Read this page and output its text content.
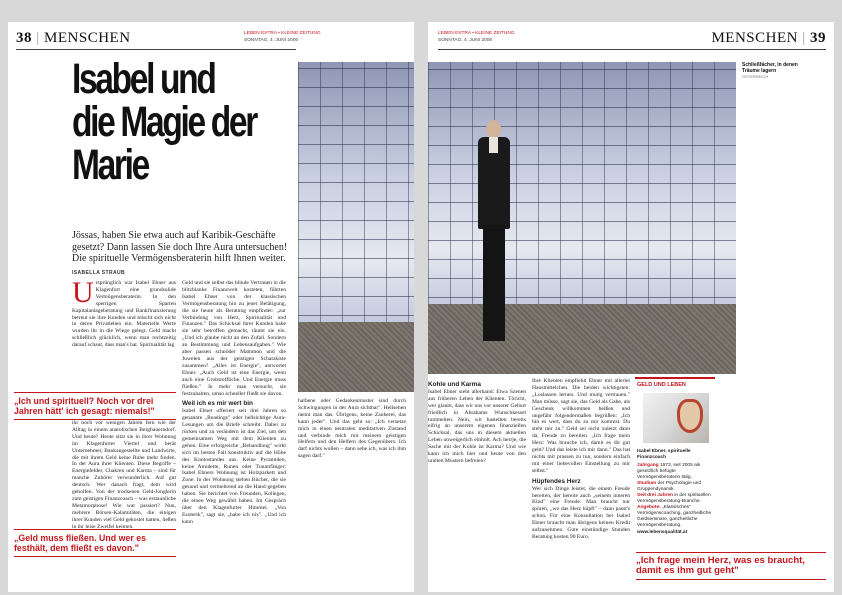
38 | MENSCHEN	LEBEN EXTRA • KLEINE ZEITUNG
SONNTAG, 4. JUNI 2006
Isabel und die Magie der Marie
Jössas, haben Sie etwa auch auf Karibik-Geschäfte gesetzt? Dann lassen Sie doch Ihre Aura untersuchen! Die spirituelle Vermögensberaterin hilft Ihnen weiter.
ISABELLA STRAUB
U rsprünglich war Isabel Ebner aus Klagenfurt eine grundsolide Vermögensberaterin. In den sperrigen Sparten Kapitalanlageberatung und Bankfinanzierung betreut sie ihre Kunden und mischt sich nicht in deren Privatleben ein. Materielle Werte wurden ihr in die Wiege gelegt. Geld macht schließlich glücklich, wenn man rechtzeitig darauf schaut, dass man's hat. Spiritualität lag
„Ich und spirituell? Noch vor drei Jahren hätt' ich gesagt: niemals!"
ihr noch vor wenigen Jahren fern wie der Alltag in einem anatolischen Bergbauerndorf. Und heute? Heute sitzt sie in ihrer Wohnung im Klagenfurter Viertel und berät Unternehmer, Bankangestellte und Landwirte, die mit ihrem Geld keine Ruhe mehr finden. In der Aura ihrer Klienten. Diese Begriffe – Energiefelder, Chakren und Karma – sind für manche Zuhörer verwunderlich. Auf gut deutsch: Wer danach fragt, dem wird geholfen. Von der trockenen Geld-Jonglerin zum geistigen Finanzcoach – was erstaunliche Metamorphose! Wie war passiert? Nun, mehrere Börsen-Kalamitäten, die einigen ihrer Kunden viel Geld gekostet hatten, ließen in ihr leise Zweifel keimen.
„Geld muss fließen. Und wer es festhält, dem fließt es davon."
Geld und sie selbst das blinde Vertrauen in die blitzblanke Finanzwelt kosteten, führten Isabel Ebner von der klassischen Vermögensberatung hin zu jener Betätigung, die sie heute als Beratung empfindet: „zur Verbindung von Herz, Spiritualität und Finanzen." Das Schicksal ihrer Kunden habe sie sehr betroffen gemacht, räumt sie ein. „Und ich glaube nicht an den Zufall. Sondern an Bestimmung und Lebensaufgaben." Wie aber passen schnöder Mammon und die Juwelen aus der geistigen Schatzkiste zusammen? „Alles ist Energie", antwortet Ebner. „Auch Geld ist eine Energie, wenn auch eine Grobstoffliche. Und Energie muss fließen." Je mehr man versucht, sie festzuhalten, umso schneller fließt sie davon.
Weil ich es mir wert bin
Isabel Ebner offeriert seit drei Jahren so genannte „Readings" oder hellsichtige Aura-Lesungen um die Briefe schreibt. Dabei zu rücken und zu verändern ist das Ziel, um den gemeinsamen Weg mit dem Klienten zu gehen. Eine erfolgreiche „Behandlung" wirkt sich im besten Fall konstruktiv auf die Höhe des Kontostandes aus. Keine Pyramiden, keine Amulette, Runen oder Traumfänger: Isabel Ebners Wohnung ist Holzparkett und Zone. In der Wohnung stehen Bücher, die sie gesund und vermehrend an die Hand gegeben haben. Sie berichtet von Freunden, Kollegen, die einen Weg gewählt haben. Im Gespräch über den Klagenfurter Himmel. „Von Esoterik", sagt sie, „habe ich nix". „Und ich kann
halbene oder Gedankenmuster sind durch Schwingungen in der Aura sichtbar". Hellsehen nennt man das. Übrigens, keine Zauberei, das kann jeder". Und das geht so: „Ich versetze mich in einen neutralen meditativen Zustand und verbinde mich mit meinem geistigen Helfern und den Helfern des Gegenübers. Ich darf nichts wollen – dann sehe ich, was ich ihm sagen darf."
LEBEN EXTRA • KLEINE ZEITUNG
SONNTAG, 4. JUNI 2006	MENSCHEN | 39
Schließfächer, in denen Träume lagern
ÖSTERREICH
Kohle und Karma
Isabel Ebner sieht allerhand: Etwa Szenen aus früheren Leben der Klienten. Töricht, wer glaubt, dass wir uns vor unserer Geburt friedlich in Abrahams Wunschkessel tummelten. Nein, wir bastelten bereits eifrig an unserem eigenen finanziellen Schicksal, das uns in diesem aktuellen Leben unweigerlich einholt. Ach herrje, die Sache mit der Kohle ist Karma? Und wie kann ich mich hier und heute von den uralten Mustern befreien?
Ihre Klienten empfiehlt Ebner mit allerlei Hausmittelchen. Die beiden wichtigsten: „Loslassen lernen. Und mutig vertrauen." Man müsse, sagt sie, das Geld als Gabe, als Geschenk willkommen heißen und ungefähr folgendermaßen begrüßen: „Ich bin es wert, dass du zu mir kommst. Du steht mir zu." Geld sei nicht zuletzt dann da, Freude zu bereiten. „Ich frage mein Herz: Was brauche ich, damit es dir gut geht? Und das leiste ich mir dann." Das hat nichts mit prassen zu tun, sondern einfach mit einer liebevollen Einstellung zu mir selbst."
Hüpfendes Herz
Wer sich Dinge leistet, die einem Freude bereiten, der bereite auch „seinem inneren Kind" eine Freude. Man braucht nur spüren, „wo das Herz hüpft" – dann passt's schon. Für eine Konsultation bei Isabel Ebner braucht man übrigens keinen Kredit aufzunehmen. Gute einstündige Stunden Beratung kosten 90 Euro.
GELD UND LEBEN
Isabel Ebner, spirituelle Finanzcoach
Jahrgang 1973, seit 2005 als gesetzlich befugte Vermögensberaterin tätig.
Studium der Psychologie und Gruppendynamik.
Seit drei Jahren in der spirituellen Vermögensberatung-Branche.
Angebote: „Klassisches" Vermögenscoaching, ganzheitliche Geldseminare, ganzheitliche Vermögensberatung.
www.lebensqualität.at
„Ich frage mein Herz, was es braucht, damit es ihm gut geht"
